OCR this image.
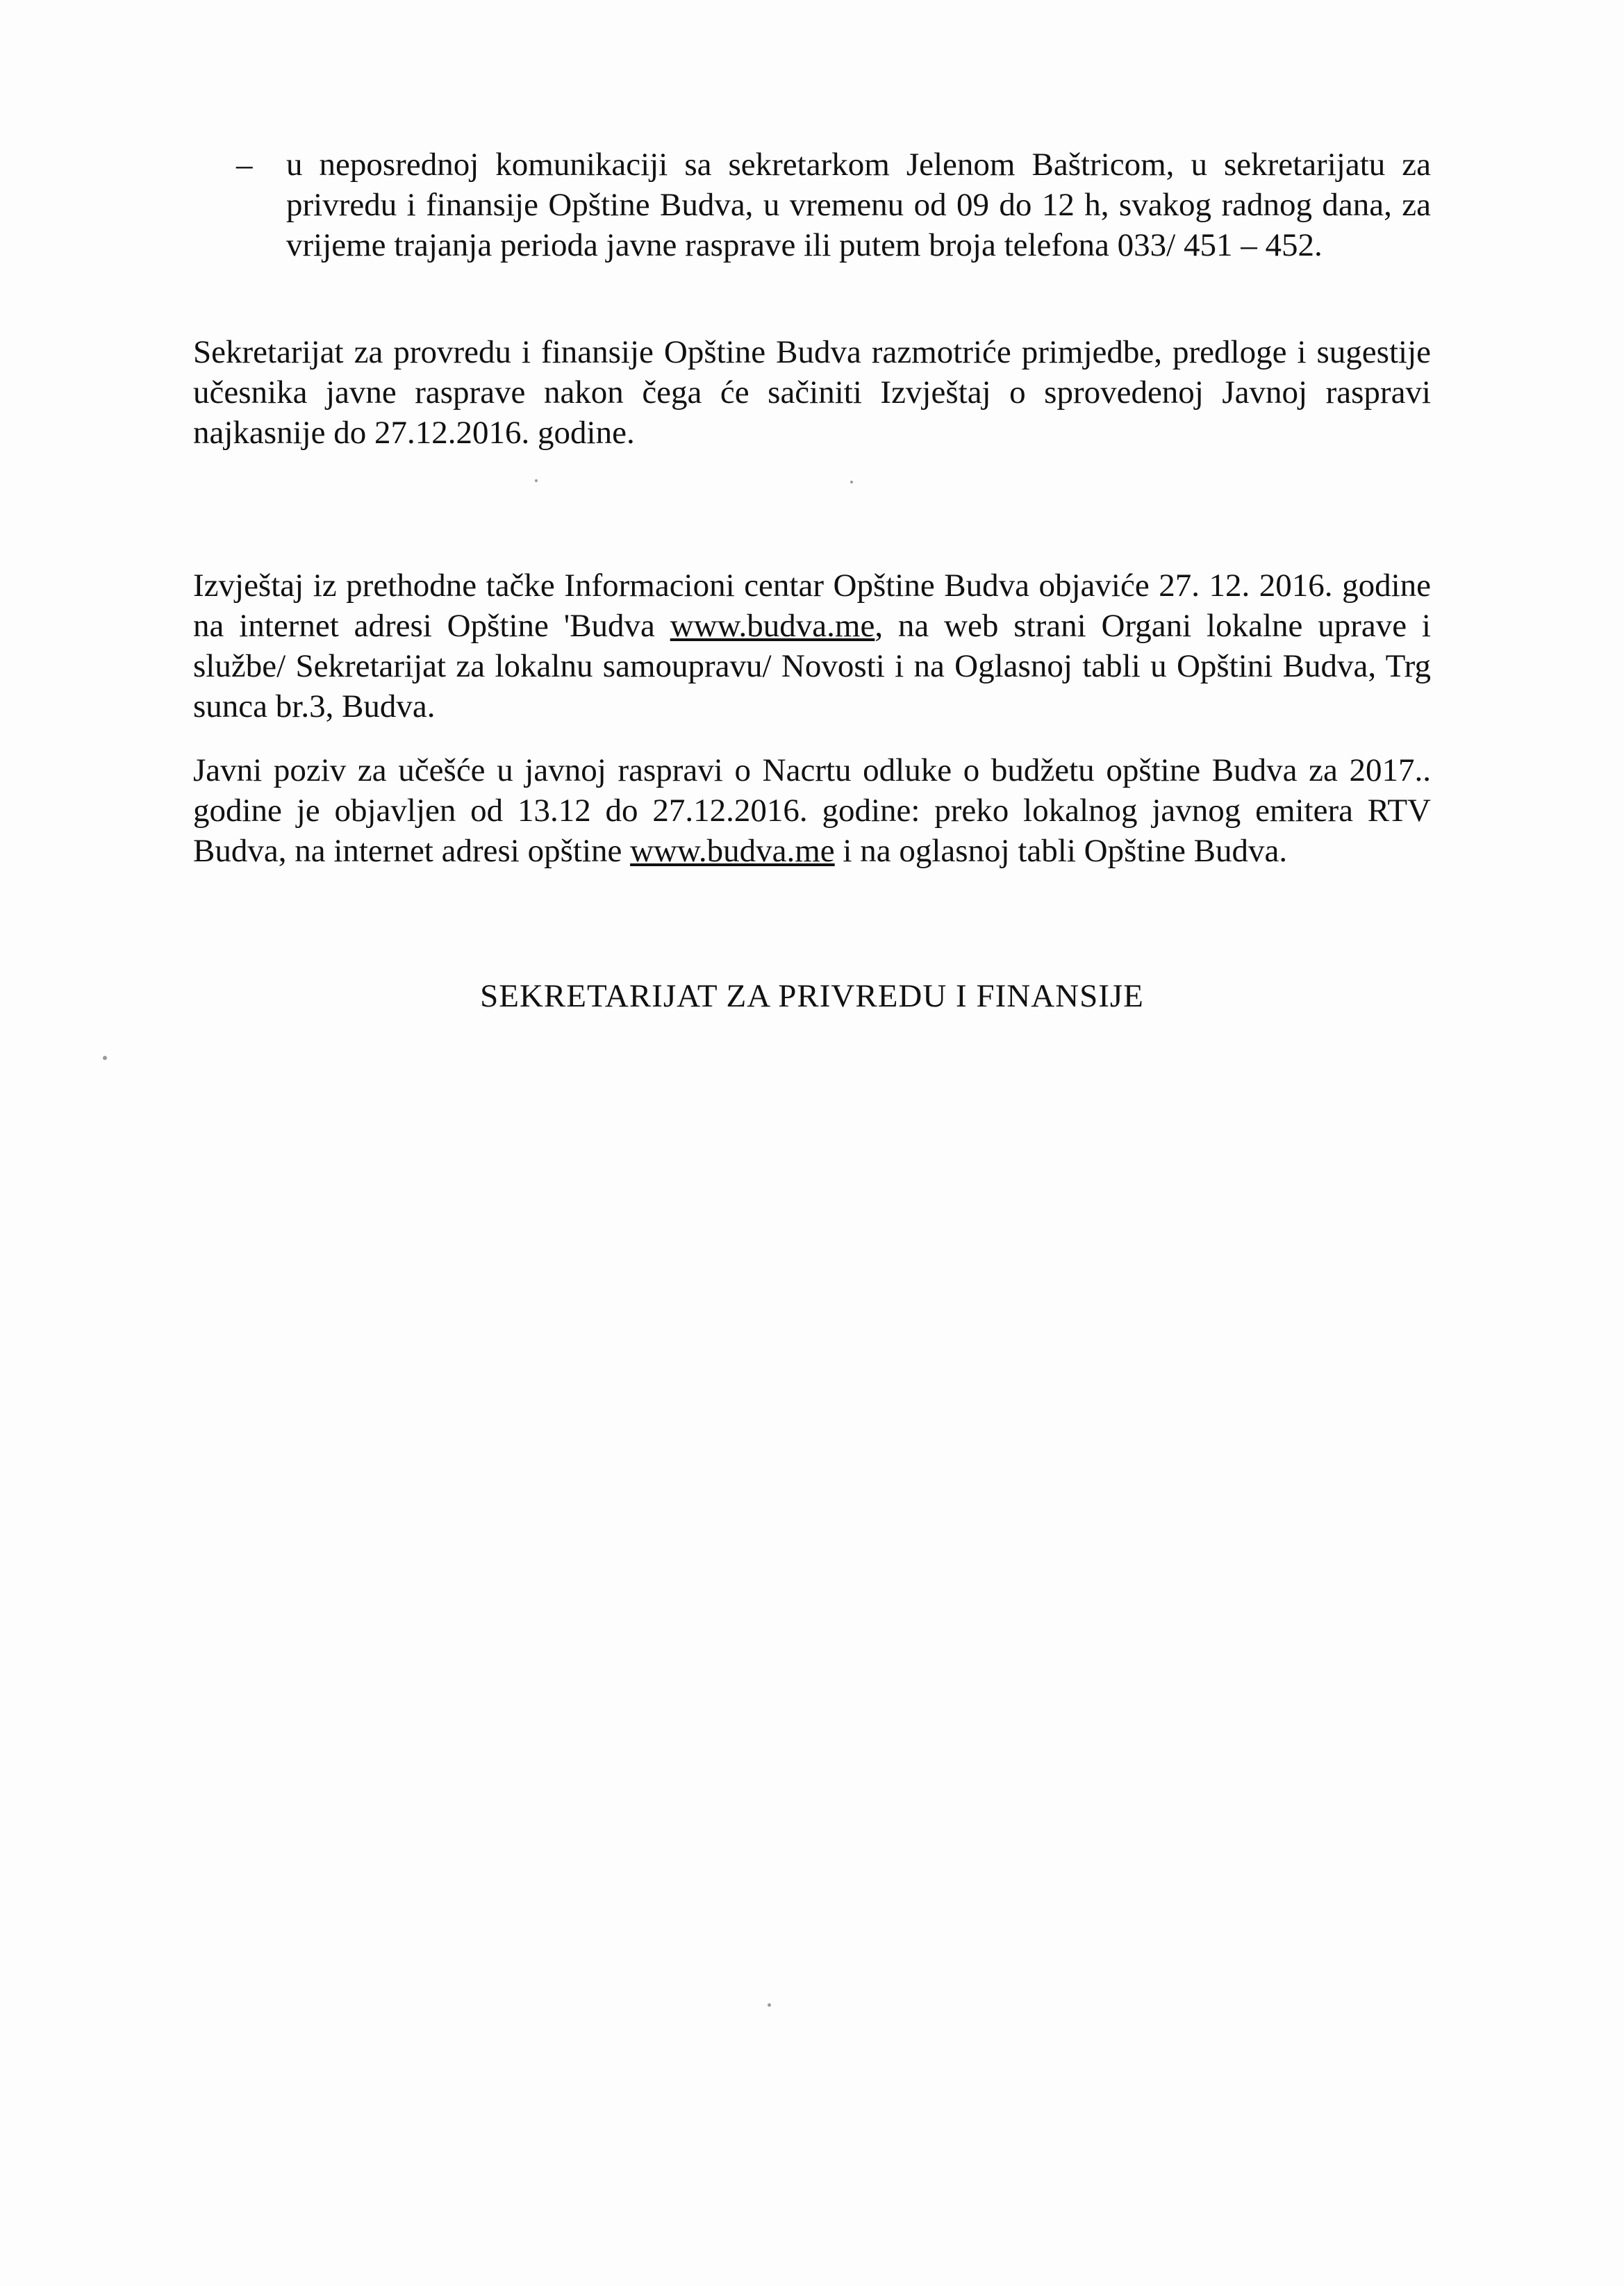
–	u neposrednoj komunikaciji sa sekretarkom Jelenom Baštricom, u sekretarijatu za
privredu i finansije Opštine Budva, u vremenu od 09 do 12 h, svakog radnog dana, za
vrijeme trajanja perioda javne rasprave ili putem broja telefona 033/ 451 – 452.
Sekretarijat za provredu i finansije Opštine Budva razmotriće primjedbe, predloge i sugestije
učesnika javne rasprave nakon čega će sačiniti Izvještaj o sprovedenoj Javnoj raspravi
najkasnije do 27.12.2016. godine.
Izvještaj iz prethodne tačke Informacioni centar Opštine Budva objaviće 27. 12. 2016. godine
na internet adresi Opštine 'Budva www.budva.me, na web strani Organi lokalne uprave i
službe/ Sekretarijat za lokalnu samoupravu/ Novosti i na Oglasnoj tabli u Opštini Budva, Trg
sunca br.3, Budva.
Javni poziv za učešće u javnoj raspravi o Nacrtu odluke o budžetu opštine Budva za 2017..
godine je objavljen od 13.12 do 27.12.2016. godine: preko lokalnog javnog emitera RTV
Budva, na internet adresi opštine www.budva.me i na oglasnoj tabli Opštine Budva.
SEKRETARIJAT ZA PRIVREDU I FINANSIJE
